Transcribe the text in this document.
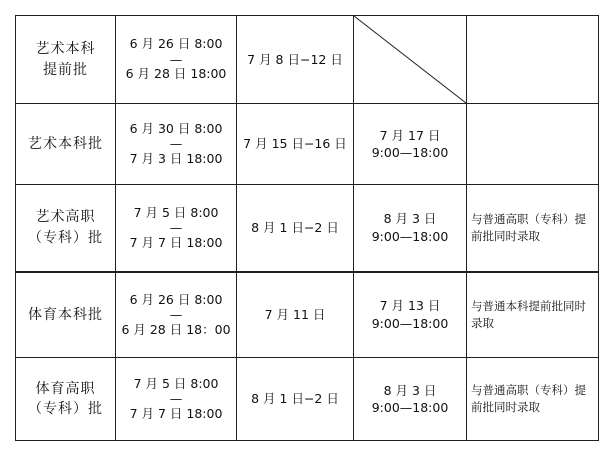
艺术本科
提前批	6 月 26 日 8:00
—
6 月 28 日 18:00	7 月 8 日−12 日	

艺术本科批	6 月 30 日 8:00
—
7 月 3 日 18:00	7 月 15 日−16 日	7 月 17 日
9:00—18:00	

艺术高职
（专科）批	7 月 5 日 8:00
—
7 月 7 日 18:00	8 月 1 日−2 日	8 月 3 日
9:00—18:00	与普通高职（专科）提前批同时录取

体育本科批	6 月 26 日 8:00
—
6 月 28 日 18：00	7 月 11 日	7 月 13 日
9:00—18:00	与普通本科提前批同时录取

体育高职
（专科）批	7 月 5 日 8:00
—
7 月 7 日 18:00	8 月 1 日−2 日	8 月 3 日
9:00—18:00	与普通高职（专科）提前批同时录取
